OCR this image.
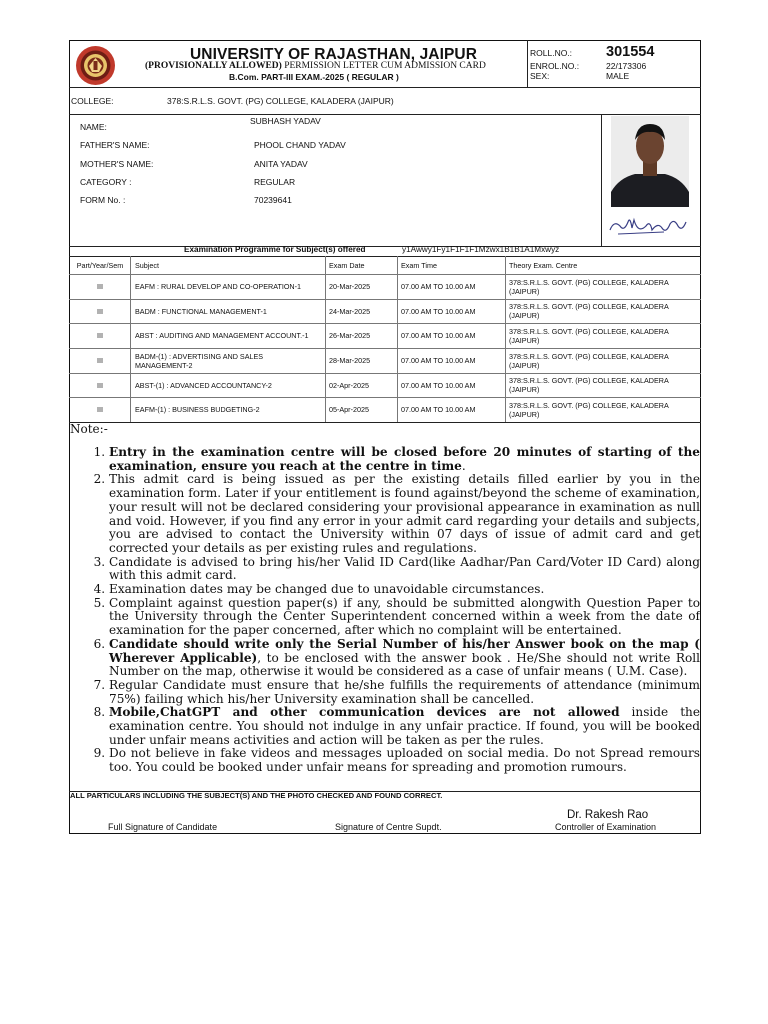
UNIVERSITY OF RAJASTHAN, JAIPUR
(PROVISIONALLY ALLOWED) PERMISSION LETTER CUM ADMISSION CARD
B.Com. PART-III EXAM.-2025 ( REGULAR )
ROLL.NO.: 301554
ENROL.NO.:	22/173306
SEX:	MALE
COLLEGE:	378:S.R.L.S. GOVT. (PG) COLLEGE, KALADERA (JAIPUR)
NAME:
SUBHASH YADAV
FATHER'S NAME:	PHOOL CHAND YADAV
MOTHER'S NAME:	ANITA YADAV
CATEGORY :	REGULAR
FORM No. :	70239641
Examination Programme for Subject(s) offered	y1Awwy1Fy1F1F1F1Mzwx1B1B1A1Mxwyz
Part/Year/Sem	Subject	Exam Date	Exam Time	Theory Exam. Centre
III	EAFM : RURAL DEVELOP AND CO-OPERATION-1	20-Mar-2025	07.00 AM TO 10.00 AM	378:S.R.L.S. GOVT. (PG) COLLEGE, KALADERA (JAIPUR)
III	BADM : FUNCTIONAL MANAGEMENT-1	24-Mar-2025	07.00 AM TO 10.00 AM	378:S.R.L.S. GOVT. (PG) COLLEGE, KALADERA (JAIPUR)
III	ABST : AUDITING AND MANAGEMENT ACCOUNT.-1	26-Mar-2025	07.00 AM TO 10.00 AM	378:S.R.L.S. GOVT. (PG) COLLEGE, KALADERA (JAIPUR)
III	BADM-(1) : ADVERTISING AND SALES MANAGEMENT-2	28-Mar-2025	07.00 AM TO 10.00 AM	378:S.R.L.S. GOVT. (PG) COLLEGE, KALADERA (JAIPUR)
III	ABST-(1) : ADVANCED ACCOUNTANCY-2	02-Apr-2025	07.00 AM TO 10.00 AM	378:S.R.L.S. GOVT. (PG) COLLEGE, KALADERA (JAIPUR)
III	EAFM-(1) : BUSINESS BUDGETING-2	05-Apr-2025	07.00 AM TO 10.00 AM	378:S.R.L.S. GOVT. (PG) COLLEGE, KALADERA (JAIPUR)
Note:-
1. Entry in the examination centre will be closed before 20 minutes of starting of the examination, ensure you reach at the centre in time.
2. This admit card is being issued as per the existing details filled earlier by you in the examination form. Later if your entitlement is found against/beyond the scheme of examination, your result will not be declared considering your provisional appearance in examination as null and void. However, if you find any error in your admit card regarding your details and subjects, you are advised to contact the University within 07 days of issue of admit card and get corrected your details as per existing rules and regulations.
3. Candidate is advised to bring his/her Valid ID Card(like Aadhar/Pan Card/Voter ID Card) along with this admit card.
4. Examination dates may be changed due to unavoidable circumstances.
5. Complaint against question paper(s) if any, should be submitted alongwith Question Paper to the University through the Center Superintendent concerned within a week from the date of examination for the paper concerned, after which no complaint will be entertained.
6. Candidate should write only the Serial Number of his/her Answer book on the map ( Wherever Applicable), to be enclosed with the answer book . He/She should not write Roll Number on the map, otherwise it would be considered as a case of unfair means ( U.M. Case).
7. Regular Candidate must ensure that he/she fulfills the requirements of attendance (minimum 75%) failing which his/her University examination shall be cancelled.
8. Mobile,ChatGPT and other communication devices are not allowed inside the examination centre. You should not indulge in any unfair practice. If found, you will be booked under unfair means activities and action will be taken as per the rules.
9. Do not believe in fake videos and messages uploaded on social media. Do not Spread remours too. You could be booked under unfair means for spreading and promotion rumours.
ALL PARTICULARS INCLUDING THE SUBJECT(S) AND THE PHOTO CHECKED AND FOUND CORRECT.
Dr. Rakesh Rao
Full Signature of Candidate	Signature of Centre Supdt.	Controller of Examination
